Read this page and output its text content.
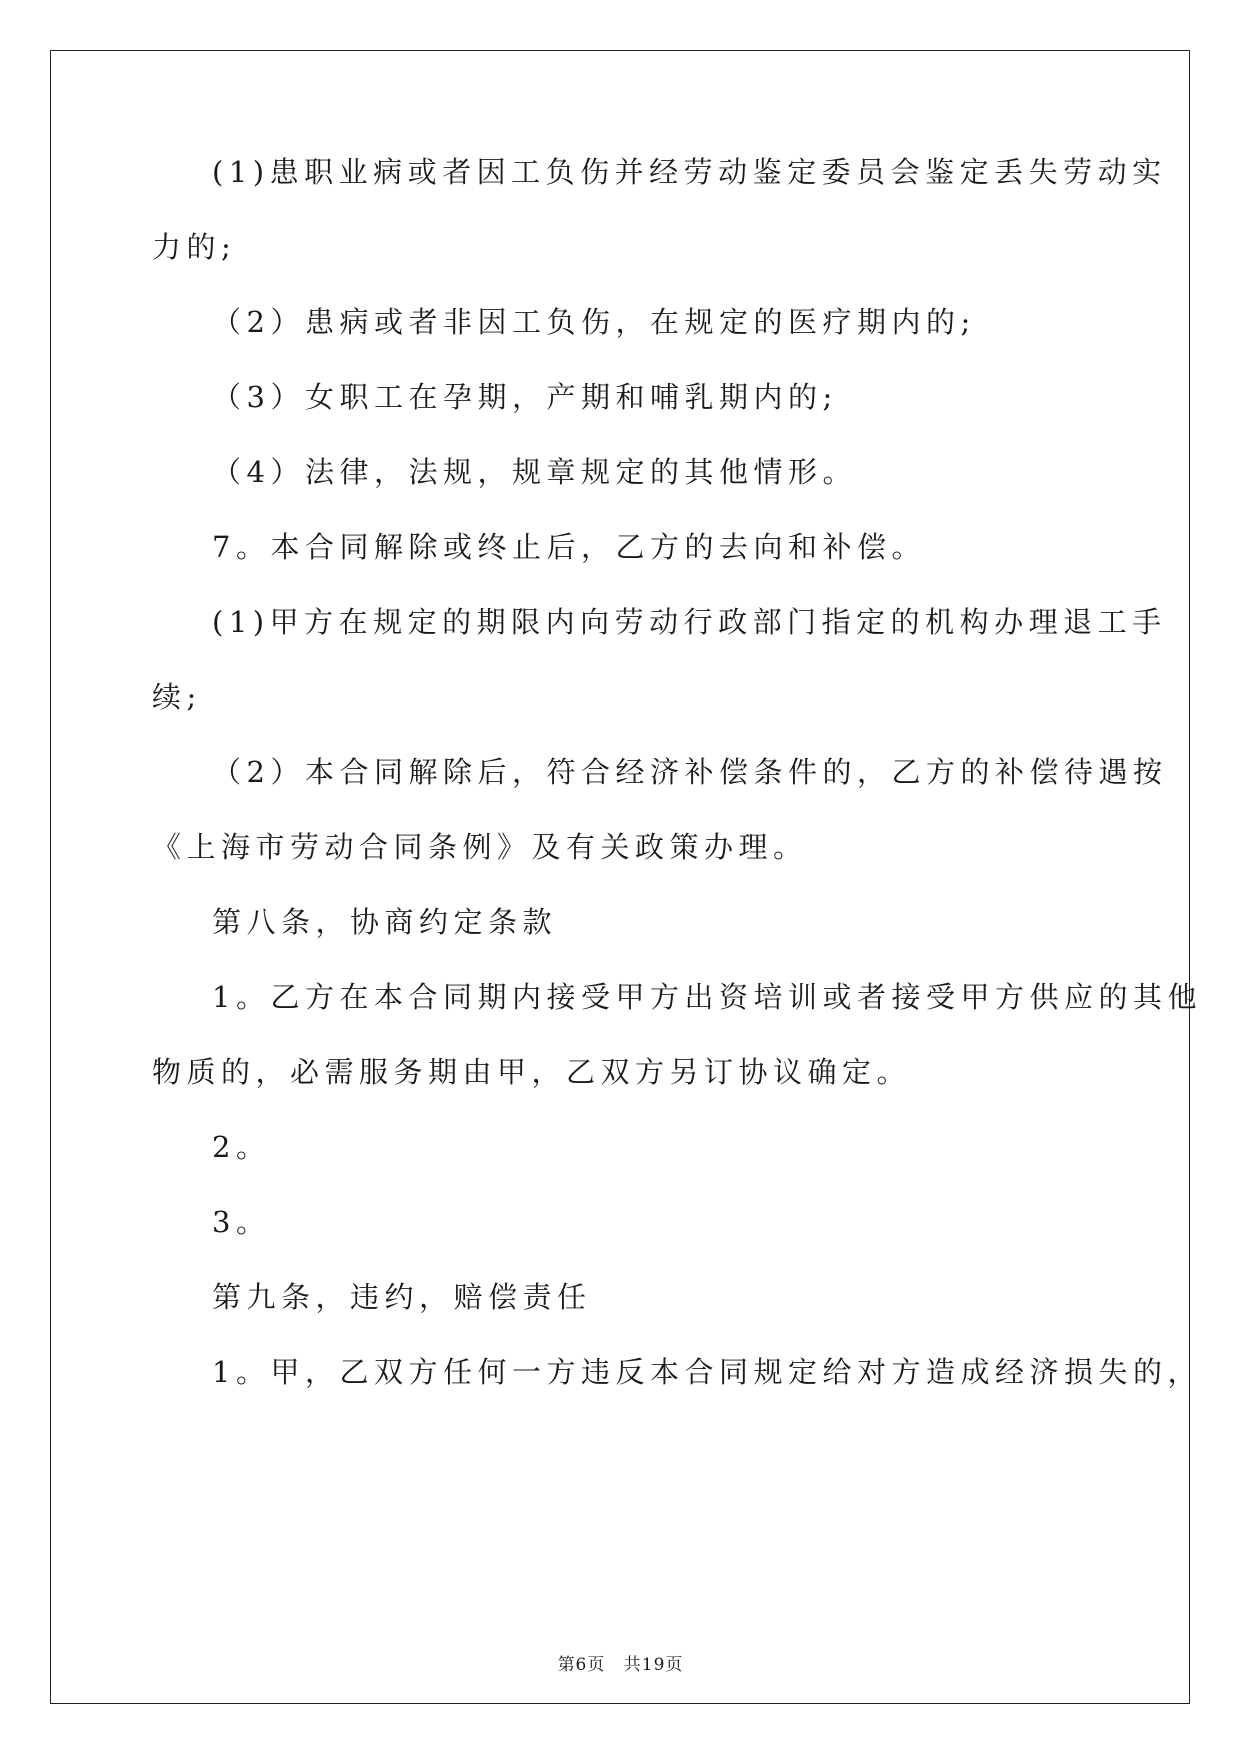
(1)患职业病或者因工负伤并经劳动鉴定委员会鉴定丢失劳动实
力的;
（2）患病或者非因工负伤，在规定的医疗期内的;
（3）女职工在孕期，产期和哺乳期内的;
（4）法律，法规，规章规定的其他情形。
7。本合同解除或终止后，乙方的去向和补偿。
(1)甲方在规定的期限内向劳动行政部门指定的机构办理退工手
续;
（2）本合同解除后，符合经济补偿条件的，乙方的补偿待遇按
《上海市劳动合同条例》及有关政策办理。
第八条，协商约定条款
1。乙方在本合同期内接受甲方出资培训或者接受甲方供应的其他
物质的，必需服务期由甲，乙双方另订协议确定。
2。
3。
第九条，违约，赔偿责任
1。甲，乙双方任何一方违反本合同规定给对方造成经济损失的，
第6页 共19页
